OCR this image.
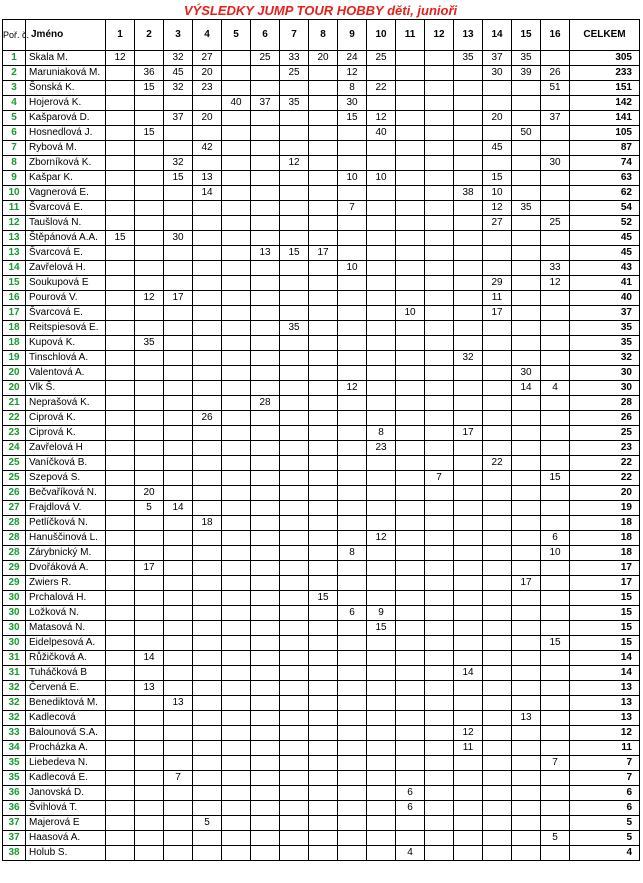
VÝSLEDKY JUMP TOUR HOBBY děti, junioři
Poř. č.	Jméno	1	2	3	4	5	6	7	8	9	10	11	12	13	14	15	16	CELKEM
1	Skala M.	12		32	27		25	33	20	24	25			35	37	35		305
2	Maruniaková M.		36	45	20			25		12					30	39	26	233
3	Šonská K.		15	32	23					8	22						51	151
4	Hojerová K.					40	37	35		30								142
5	Kašparová D.			37	20					15	12				20		37	141
6	Hosnedlová J.		15								40					50		105
7	Rybová M.				42										45			87
8	Zborníková K.			32				12									30	74
9	Kašpar K.			15	13					10	10				15			63
10	Vagnerová E.				14									38	10			62
11	Švarcová E.									7					12	35		54
12	Taušlová N.														27		25	52
13	Štěpánová A.A.	15		30														45
13	Švarcová E.						13	15	17									45
14	Zavřelová H.									10							33	43
15	Soukupová E														29		12	41
16	Pourová V.		12	17											11			40
17	Švarcová E.											10			17			37
18	Reitspiesová E.							35										35
18	Kupová K.		35															35
19	Tinschlová A.													32				32
20	Valentová A.															30		30
20	Vlk Š.									12						14	4	30
21	Neprašová K.						28											28
22	Ciprová K.				26													26
23	Ciprová K.										8			17				25
24	Zavřelová H										23							23
25	Vaníčková B.														22			22
25	Szepová S.												7				15	22
26	Bečvaříková N.		20															20
27	Frajdlová V.		5	14														19
28	Petlíčková N.				18													18
28	Hanuščinová L.										12						6	18
28	Zárybnický M.									8							10	18
29	Dvořáková A.		17															17
29	Zwiers R.															17		17
30	Prchalová H.								15									15
30	Ložková N.									6	9							15
30	Matasová N.										15							15
30	Eidelpesová A.																15	15
31	Růžičková A.		14															14
31	Tuháčková B													14				14
32	Červená E.		13															13
32	Benediktová M.			13														13
32	Kadlecová															13		13
33	Balounová S.A.													12				12
34	Procházka A.													11				11
35	Liebedeva N.																7	7
35	Kadlecová E.			7														7
36	Janovská D.											6						6
36	Švihlová T.											6						6
37	Majerová E				5													5
37	Haasová A.																5	5
38	Holub S.											4						4
